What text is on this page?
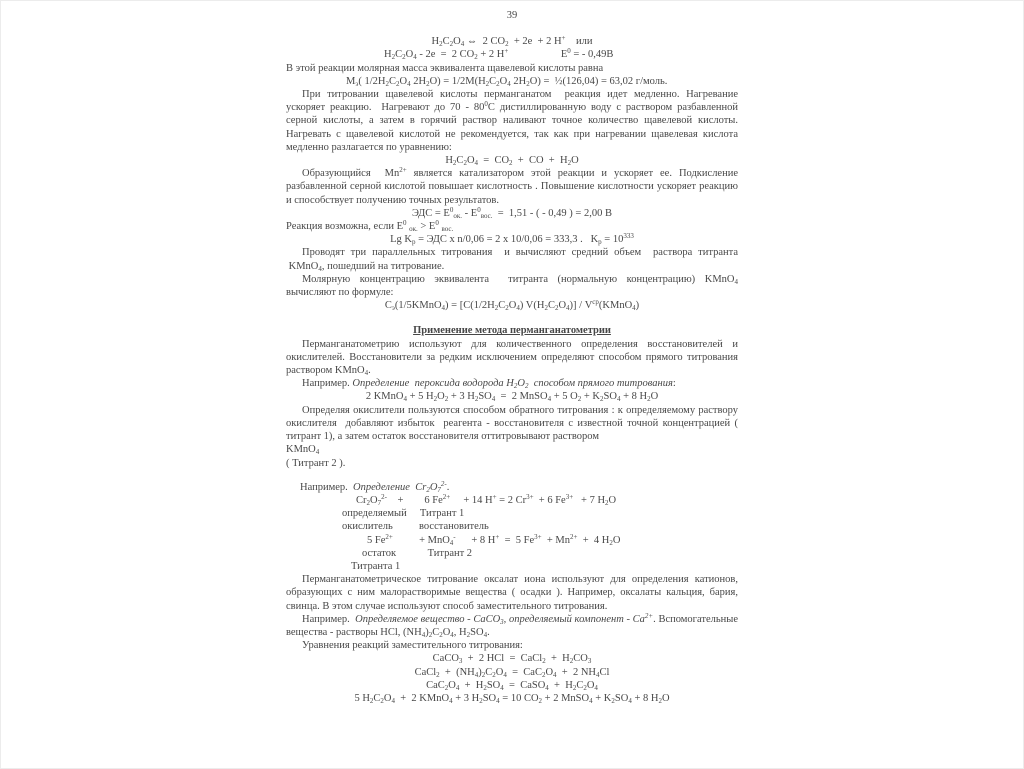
39
$H_2C_2O_4$ ⇔  2 $CO_2 + 2e + 2$ H+    или
$H_2C_2O_4 - 2e = 2$ $CO_2 + 2$ H+                    $E^0$ = - 0,49В
В этой реакции молярная масса эквивалента щавелевой кислоты равна
$M_э$( $1/2H_2C_2O_4$ $2H_2O) = 1/2M(H_2C_2O_4$ $2H_2O$) =  ½(126,04) = 63,02 г/моль.
При титровании щавелевой кислоты перманганатом  реакция идет медленно. Нагревание ускоряет реакцию.  Нагревают до $70 - 80^0C$ дистиллированную воду с раствором разбавленной серной кислоты, а затем в горячий раствор наливают точное количество щавелевой кислоты. Нагревать с щавелевой кислотой не рекомендуется, так как при нагревании щавелевая кислота медленно разлагается по уравнению:
$H_2C_2O_4 = CO_2$  +  CO  +  $H_2O$
Образующийся  $Mn^{2+}$ является катализатором этой реакции и ускоряет ее. Подкисление разбавленной серной кислотой повышает кислотность . Повышение кислотности ускоряет реакцию и способствует получению точных результатов.
ЭДС = $E^0_{ок.} - E^0_{вос.} = 1,51$ - ( - 0,49 ) = 2,00 В
Реакция возможна, если $E^0$ $_{ок.} > E^0$ $_{вос.}$
Lg $K_р$ = ЭДС x n/0,06 = 2 x 10/0,06 = 333,3 .   $K_р = 10^{333}$
Проводят три параллельных титрования  и вычисляют средний объем  раствора титранта  KMnO$_4$, пошедший на титрование.
Молярную концентрацию эквивалента  титранта (нормальную концентрацию) KMnO$_4$ вычисляют по формуле:
$C_э(1/5KMnO_4) = [C(1/2H_2C_2O_4)$ $V(H_2C_2O_4)$] / $V^{ср}(KMnO_4)$
Применение метода перманганатометрии
Перманганатометрию используют для количественного определения восстановителей и окислителей. Восстановители за редким исключением определяют способом прямого титрования раствором KMnO$_4$.
Например. Определение  пероксида водорода $H_2O_2$  способом прямого титрования:
2 KMnO$_4$ + 5 $H_2O_2 + 3$ $H_2SO_4 = 2$ MnSO$_4$ + 5 $O_2 + K_2SO_4 + 8$ $H_2O$
Определяя окислители пользуются способом обратного титрования : к определяемому раствору окислителя  добавляют избыток  реагента - восстановителя с известной точной концентрацией ( титрант 1), а затем остаток восстановителя оттитровывают раствором
KMnO$_4$
( Титрант 2 ).
Например.  Определение  $Cr_2O_7^{2-}$.
$Cr_2O_7^{2-}$    +        6 $Fe^{2+}$     + 14 H+ = 2 $Cr^{3+} + 6$ $Fe^{3+} + 7$ $H_2O$
определяемый     Титрант 1
окислитель          восстановитель
5 $Fe^{2+}$          + MnO$_4$-      + 8 H+  =  5 $Fe^{3+} + Mn^{2+} + 4$ $H_2O$
остаток            Титрант 2
Титранта 1
Перманганатометрическое титрование оксалат иона используют для определения катионов, образующих с ним малорастворимые вещества ( осадки ). Например, оксалаты кальция, бария, свинца. В этом случае используют способ заместительного титрования.
Например.  Определяемое вещество - CaCO$_3$, определяемый компонент - $Ca^{2+}$. Вспомогательные вещества - растворы HCl, $(NH_4)_2C_2O_4$, $H_2SO_4$.
Уравнения реакций заместительного титрования:
CaCO$_3$  +  2 HCl  =  CaCl$_2$  +  $H_2CO_3$
CaCl$_2$  +  $(NH_4)_2C_2O_4 = CaC_2O_4 + 2$ $NH_4Cl$
$CaC_2O_4 + H_2SO_4$  =  CaSO$_4$  +  $H_2C_2O_4$
5 $H_2C_2O_4 + 2$ KMnO$_4$ + 3 $H_2SO_4 = 10$ $CO_2 + 2$ MnSO$_4$ + $K_2SO_4 + 8$ $H_2O$
